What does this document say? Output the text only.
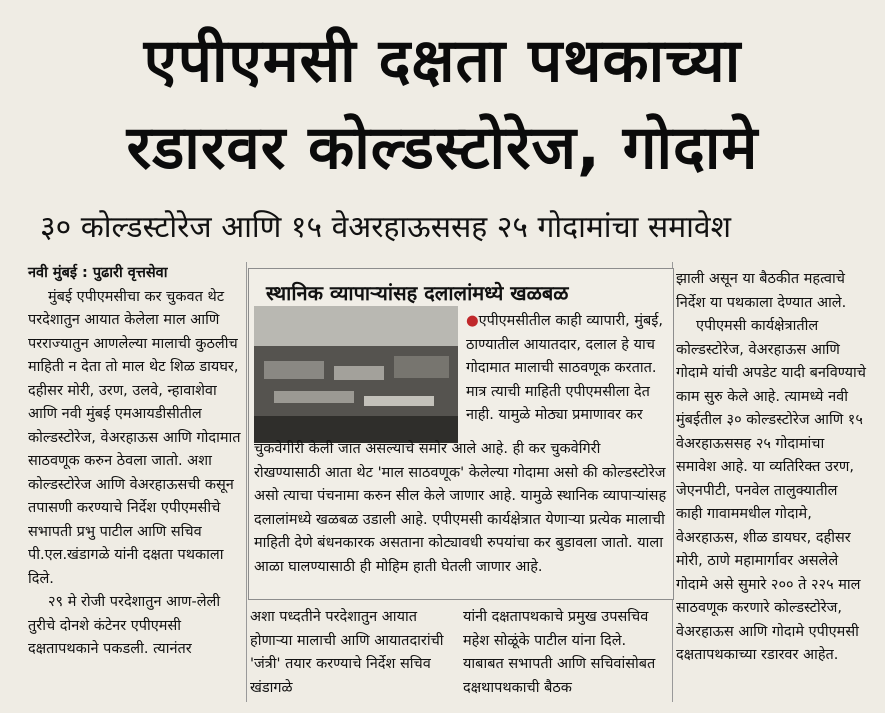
एपीएमसी दक्षता पथकाच्या
रडारवर कोल्डस्टोरेज, गोदामे
३० कोल्डस्टोरेज आणि १५ वेअरहाऊससह २५ गोदामांचा समावेश

नवी मुंबई : पुढारी वृत्तसेवा

मुंबई एपीएमसीचा कर चुकवत थेट परदेशातुन आयात केलेला माल आणि परराज्यातुन आणलेल्या मालाची कुठलीच माहिती न देता तो माल थेट शिळ डायघर, दहीसर मोरी, उरण, उलवे, न्हावाशेवा आणि नवी मुंबई एमआयडीसीतील कोल्डस्टोरेज, वेअरहाऊस आणि गोदामात साठवणूक करुन ठेवला जातो. अशा कोल्डस्टोरेज आणि वेअरहाऊसची कसून तपासणी करण्याचे निर्देश एपीएमसीचे सभापती प्रभु पाटील आणि सचिव पी.एल.खंडागळे यांनी दक्षता पथकाला दिले.

२९ मे रोजी परदेशातुन आण-लेली तुरीचे दोनशे कंटेनर एपीएमसी दक्षतापथकाने पकडली. त्यानंतर

स्थानिक व्यापाऱ्यांसह दलालांमध्ये खळबळ
●एपीएमसीतील काही व्यापारी, मुंबई, ठाण्यातील आयातदार, दलाल हे याच गोदामात मालाची साठवणूक करतात. मात्र त्याची माहिती एपीएमसीला देत नाही. यामुळे मोठ्या प्रमाणावर कर
चुकवेगीरी केली जात असल्याचे समोर आले आहे. ही कर चुकवेगिरी रोखण्यासाठी आता थेट 'माल साठवणूक' केलेल्या गोदामा असो की कोल्डस्टोरेज असो त्याचा पंचनामा करुन सील केले जाणार आहे. यामुळे स्थानिक व्यापाऱ्यांसह दलालांमध्ये खळबळ उडाली आहे. एपीएमसी कार्यक्षेत्रात येणाऱ्या प्रत्येक मालाची माहिती देणे बंधनकारक असताना कोट्यावधी रुपयांचा कर बुडावला जातो. याला आळा घालण्यासाठी ही मोहिम हाती घेतली जाणार आहे.
अशा पध्दतीने परदेशातुन आयात होणाऱ्या मालाची आणि आयातदारांची 'जंत्री' तयार करण्याचे निर्देश सचिव खंडागळे
यांनी दक्षतापथकाचे प्रमुख उपसचिव महेश सोळूंके पाटील यांना दिले. याबाबत सभापती आणि सचिवांसोबत दक्षथापथकाची बैठक

झाली असून या बैठकीत महत्वाचे निर्देश या पथकाला देण्यात आले.

एपीएमसी कार्यक्षेत्रातील कोल्डस्टोरेज, वेअरहाऊस आणि गोदामे यांची अपडेट यादी बनविण्याचे काम सुरु केले आहे. त्यामध्ये नवी मुंबईतील ३० कोल्डस्टोरेज आणि १५ वेअरहाऊससह २५ गोदामांचा समावेश आहे. या व्यतिरिक्त उरण, जेएनपीटी, पनवेल तालुक्यातील काही गावाममधील गोदामे, वेअरहाऊस, शीळ डायघर, दहीसर मोरी, ठाणे महामार्गावर असलेले गोदामे असे सुमारे २०० ते २२५ माल साठवणूक करणारे कोल्डस्टोरेज, वेअरहाऊस आणि गोदामे एपीएमसी दक्षतापथकाच्या रडारवर आहेत.
